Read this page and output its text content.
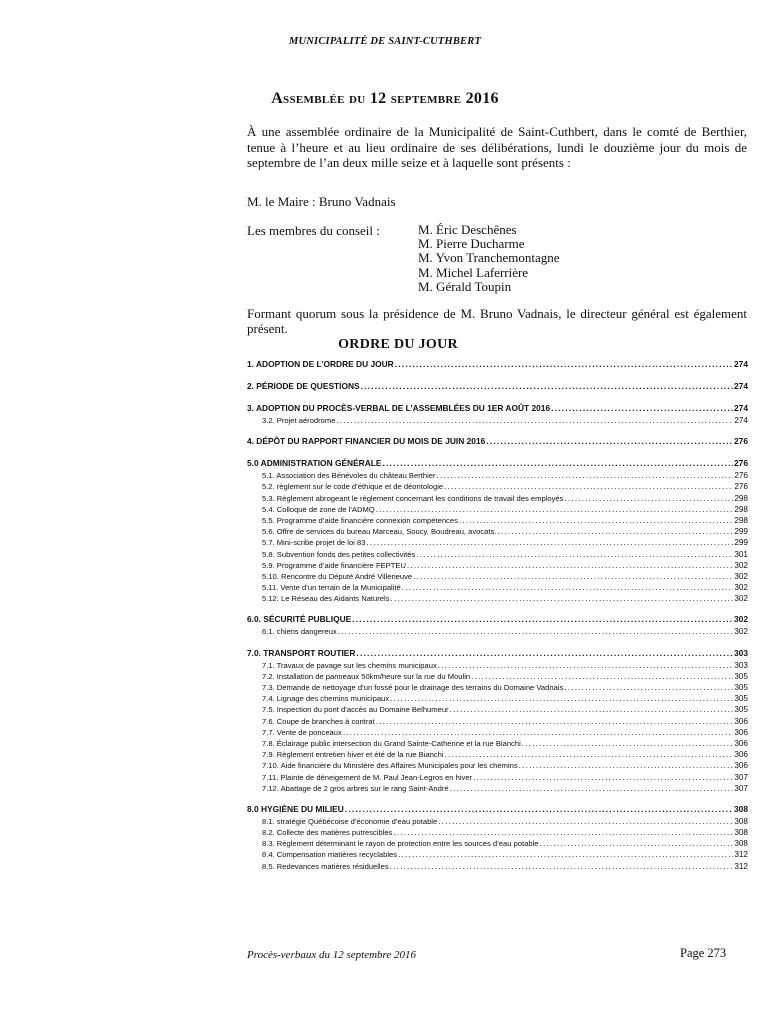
MUNICIPALITÉ DE SAINT-CUTHBERT
Assemblée du 12 septembre 2016
À une assemblée ordinaire de la Municipalité de Saint-Cuthbert, dans le comté de Berthier, tenue à l’heure et au lieu ordinaire de ses délibérations, lundi le douzième jour du mois de septembre de l’an deux mille seize et à laquelle sont présents :
M. le Maire : Bruno Vadnais
Les membres du conseil :	M. Éric Deschênes
M. Pierre Ducharme
M. Yvon Tranchemontagne
M. Michel Laferrière
M. Gérald Toupin
Formant quorum sous la présidence de M. Bruno Vadnais, le directeur général est également présent.
ORDRE DU JOUR
1. ADOPTION DE L’ORDRE DU JOUR .....	274
2. PÉRIODE DE QUESTIONS .....	274
3. ADOPTION DU PROCÈS-VERBAL DE L’ASSEMBLÉES DU 1ER AOÛT 2016 .....	274
3.2. Projet aérodrome .....	274
4. DÉPÔT DU RAPPORT FINANCIER DU MOIS DE JUIN 2016 .....	276
5.0 ADMINISTRATION GÉNÉRALE .....	276
5.1. Association des Bénévoles du château Berthier .....	276
5.2. règlement sur le code d’éthique et de déontologie .....	276
5.3. Règlement abrogeant le règlement concernant les conditions de travail des employés .....	298
5.4. Colloque de zone de l’ADMQ .....	298
5.5. Programme d’aide financière connexion compétences .....	298
5.6. Offre de services du bureau Marceau, Soucy, Boudreau, avocats. .....	299
5.7. Mini-scribe projet de loi 83 .....	299
5.8. Subvention fonds des petites collectivités .....	301
5.9. Programme d’aide financière FEPTEU .....	302
5.10. Rencontre du Député André Villeneuve .....	302
5.11. Vente d’un terrain de la Municipalité .....	302
5.12. Le Réseau des Aidants Naturels .....	302
6.0. SÉCURITÉ PUBLIQUE .....	302
6.1. chiens dangereux .....	302
7.0. TRANSPORT ROUTIER .....	303
7.1. Travaux de pavage sur les chemins municipaux .....	303
7.2. Installation de panneaux 50km/heure sur la rue du Moulin .....	305
7.3. Demande de nettoyage d’un fossé pour le drainage des terrains du Domaine Vadnais .....	305
7.4. Lignage des chemins municipaux .....	305
7.5. Inspection du pont d’accès au Domaine Belhumeur .....	305
7.6. Coupe de branches à contrat .....	306
7.7. Vente de ponceaux .....	306
7.8. Éclairage public intersection du Grand Sainte-Catherine et la rue Bianchi .....	306
7.9. Règlement entretien hiver et été de la rue Bianchi .....	306
7.10. Aide financière du Ministère des Affaires Municipales pour les chemins .....	306
7.11. Plainte de déneigement de M. Paul Jean-Legros en hiver .....	307
7.12. Abattage de 2 gros arbres sur le rang Saint-André .....	307
8.0 HYGIÈNE DU MILIEU .....	308
8.1. stratégie Québécoise d’économie d’eau potable .....	308
8.2. Collecte des matières putrescibles .....	308
8.3. Règlement déterminant le rayon de protection entre les sources d’eau potable .....	308
8.4. Compensation matières recyclables .....	312
8.5. Redevances matières résiduelles .....	312
Procès-verbaux du 12 septembre 2016	Page 273
